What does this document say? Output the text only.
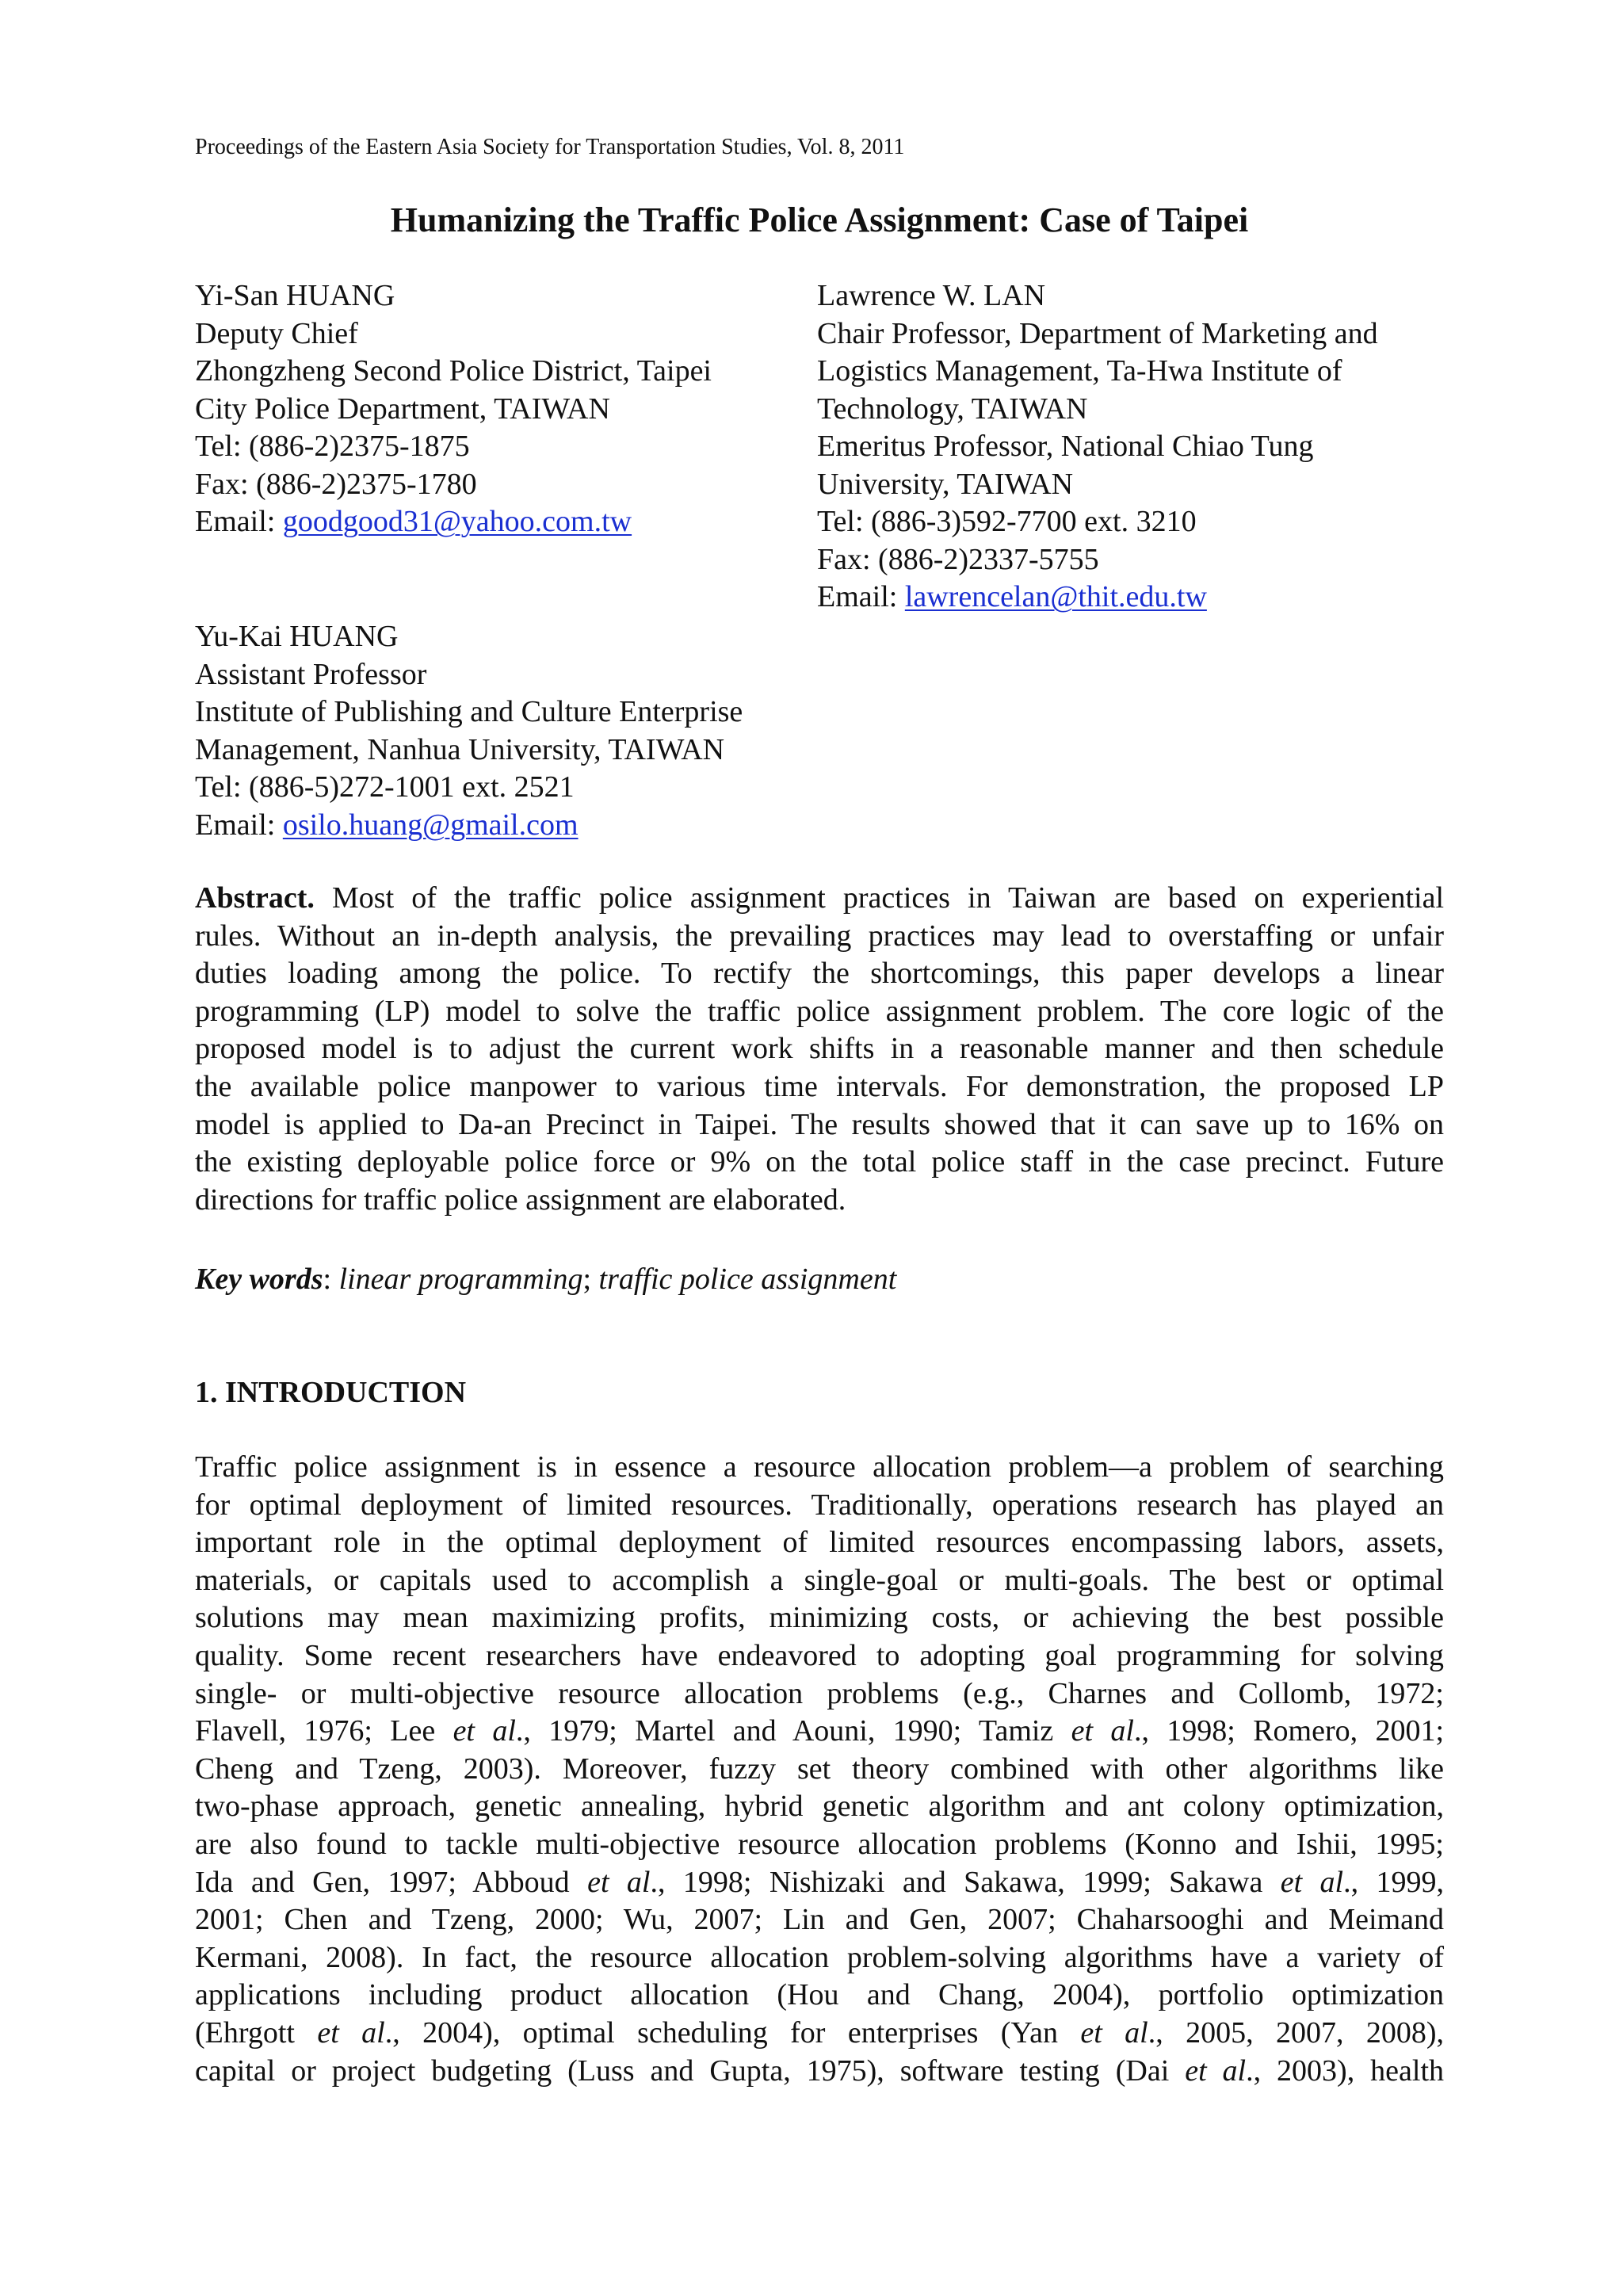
Proceedings of the Eastern Asia Society for Transportation Studies, Vol. 8, 2011
Humanizing the Traffic Police Assignment: Case of Taipei
Yi-San HUANG
Deputy Chief
Zhongzheng Second Police District, Taipei
City Police Department, TAIWAN
Tel: (886-2)2375-1875
Fax: (886-2)2375-1780
Email: goodgood31@yahoo.com.tw
Lawrence W. LAN
Chair Professor, Department of Marketing and
Logistics Management, Ta-Hwa Institute of
Technology, TAIWAN
Emeritus Professor, National Chiao Tung
University, TAIWAN
Tel: (886-3)592-7700 ext. 3210
Fax: (886-2)2337-5755
Email: lawrencelan@thit.edu.tw
Yu-Kai HUANG
Assistant Professor
Institute of Publishing and Culture Enterprise
Management, Nanhua University, TAIWAN
Tel: (886-5)272-1001 ext. 2521
Email: osilo.huang@gmail.com
Abstract. Most of the traffic police assignment practices in Taiwan are based on experiential
rules. Without an in-depth analysis, the prevailing practices may lead to overstaffing or unfair
duties loading among the police. To rectify the shortcomings, this paper develops a linear
programming (LP) model to solve the traffic police assignment problem. The core logic of the
proposed model is to adjust the current work shifts in a reasonable manner and then schedule
the available police manpower to various time intervals. For demonstration, the proposed LP
model is applied to Da-an Precinct in Taipei. The results showed that it can save up to 16% on
the existing deployable police force or 9% on the total police staff in the case precinct. Future
directions for traffic police assignment are elaborated.
Key words: linear programming; traffic police assignment
1. INTRODUCTION
Traffic police assignment is in essence a resource allocation problem—a problem of searching
for optimal deployment of limited resources. Traditionally, operations research has played an
important role in the optimal deployment of limited resources encompassing labors, assets,
materials, or capitals used to accomplish a single-goal or multi-goals. The best or optimal
solutions may mean maximizing profits, minimizing costs, or achieving the best possible
quality. Some recent researchers have endeavored to adopting goal programming for solving
single- or multi-objective resource allocation problems (e.g., Charnes and Collomb, 1972;
Flavell, 1976; Lee et al., 1979; Martel and Aouni, 1990; Tamiz et al., 1998; Romero, 2001;
Cheng and Tzeng, 2003). Moreover, fuzzy set theory combined with other algorithms like
two-phase approach, genetic annealing, hybrid genetic algorithm and ant colony optimization,
are also found to tackle multi-objective resource allocation problems (Konno and Ishii, 1995;
Ida and Gen, 1997; Abboud et al., 1998; Nishizaki and Sakawa, 1999; Sakawa et al., 1999,
2001; Chen and Tzeng, 2000; Wu, 2007; Lin and Gen, 2007; Chaharsooghi and Meimand
Kermani, 2008). In fact, the resource allocation problem-solving algorithms have a variety of
applications including product allocation (Hou and Chang, 2004), portfolio optimization
(Ehrgott et al., 2004), optimal scheduling for enterprises (Yan et al., 2005, 2007, 2008),
capital or project budgeting (Luss and Gupta, 1975), software testing (Dai et al., 2003), health
